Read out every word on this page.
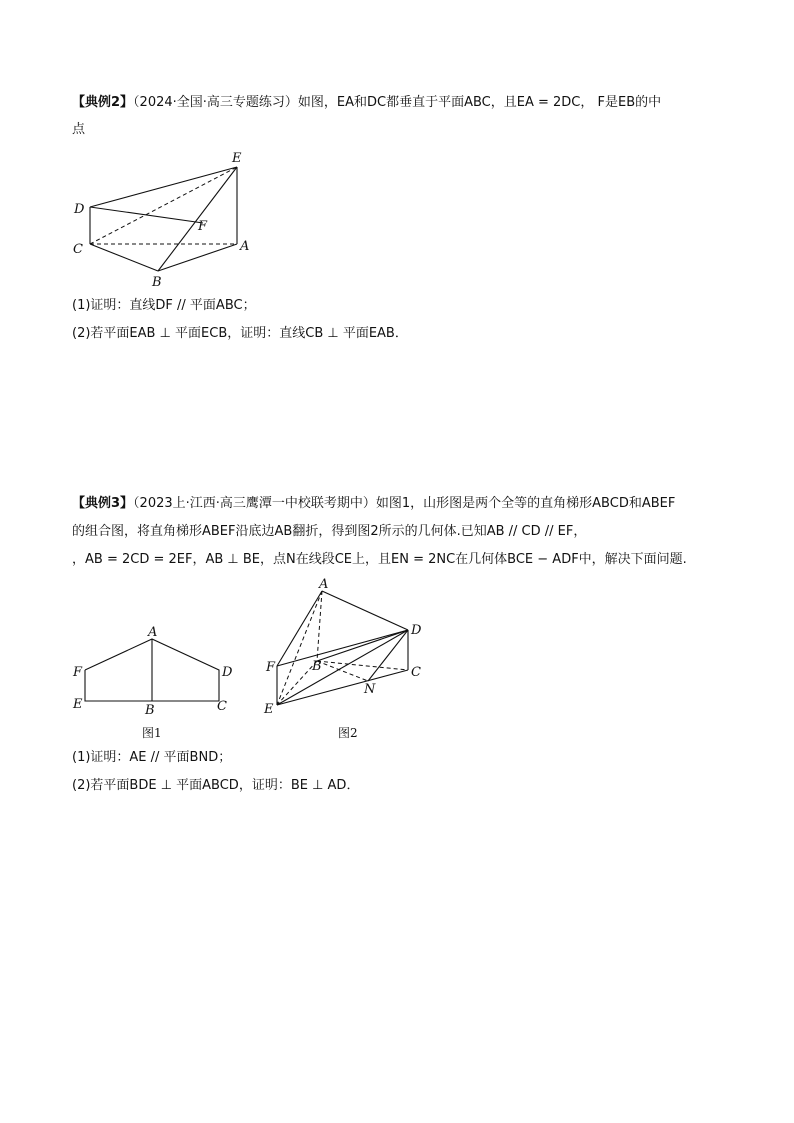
【典例2】（2024·全国·高三专题练习）如图，EA和DC都垂直于平面ABC，且EA = 2DC， F是EB的中
点
E
D
F
C	A
B
(1)证明：直线DF // 平面ABC；
(2)若平面EAB ⊥ 平面ECB，证明：直线CB ⊥ 平面EAB．
【典例3】（2023上·江西·高三鹰潭一中校联考期中）如图1，山形图是两个全等的直角梯形ABCD和ABEF
的组合图，将直角梯形ABEF沿底边AB翻折，得到图2所示的几何体.已知AB // CD // EF，
，AB = 2CD = 2EF，AB ⊥ BE，点N在线段CE上，且EN = 2NC在几何体BCE − ADF中，解决下面问题.
A
F	D
E	B	C
图1
A
D
F	B	C
N
E
图2
(1)证明：AE // 平面BND；
(2)若平面BDE ⊥ 平面ABCD，证明：BE ⊥ AD．
